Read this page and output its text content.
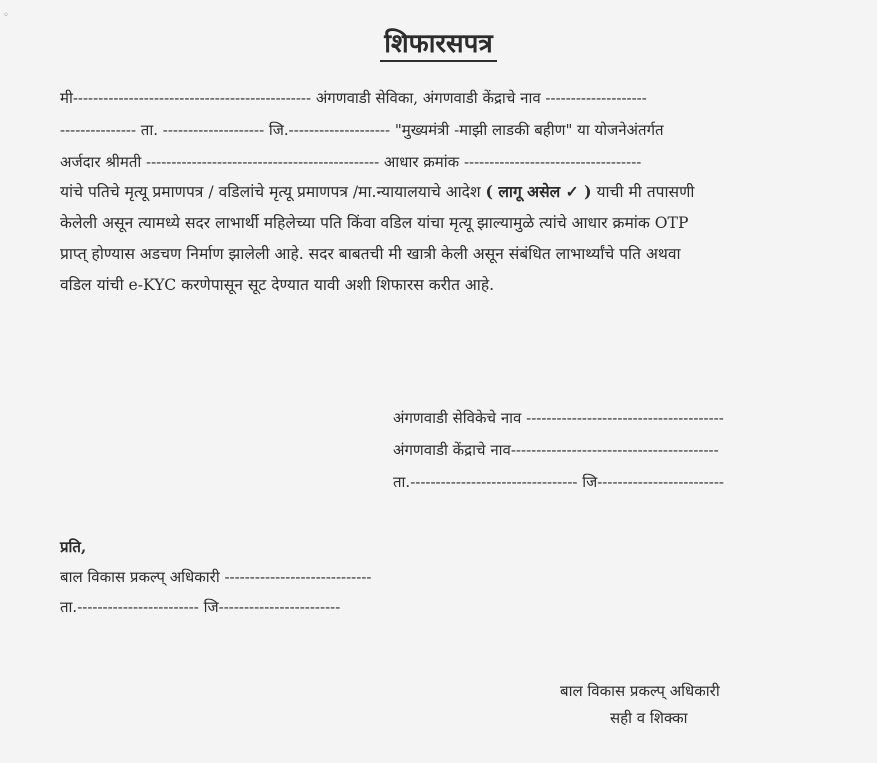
◦
शिफारसपत्र
मी----------------------------------------------- अंगणवाडी सेविका, अंगणवाडी केंद्राचे नाव --------------------
--------------- ता. -------------------- जि.-------------------- "मुख्यमंत्री -माझी लाडकी बहीण" या योजनेअंतर्गत
अर्जदार श्रीमती ---------------------------------------------- आधार क्रमांक -----------------------------------
यांचे पतिचे मृत्यू प्रमाणपत्र / वडिलांचे मृत्यू प्रमाणपत्र /मा.न्यायालयाचे आदेश ( लागू असेल ✓ ) याची मी तपासणी
केलेली असून त्यामध्ये सदर लाभार्थी महिलेच्या पति किंवा वडिल यांचा मृत्यू झाल्यामुळे त्यांचे आधार क्रमांक OTP
प्राप्त् होण्यास अडचण निर्माण झालेली आहे. सदर बाबतची मी खात्री केली असून संबंधित लाभार्थ्यांचे पति अथवा
वडिल यांची e-KYC करणेपासून सूट देण्यात यावी अशी शिफारस करीत आहे.
अंगणवाडी सेविकेचे नाव ---------------------------------------
अंगणवाडी केंद्राचे नाव-----------------------------------------
ता.--------------------------------- जि-------------------------
प्रति,
बाल विकास प्रकल्प् अधिकारी -----------------------------
ता.------------------------ जि------------------------
बाल विकास प्रकल्प् अधिकारी
सही व शिक्का
